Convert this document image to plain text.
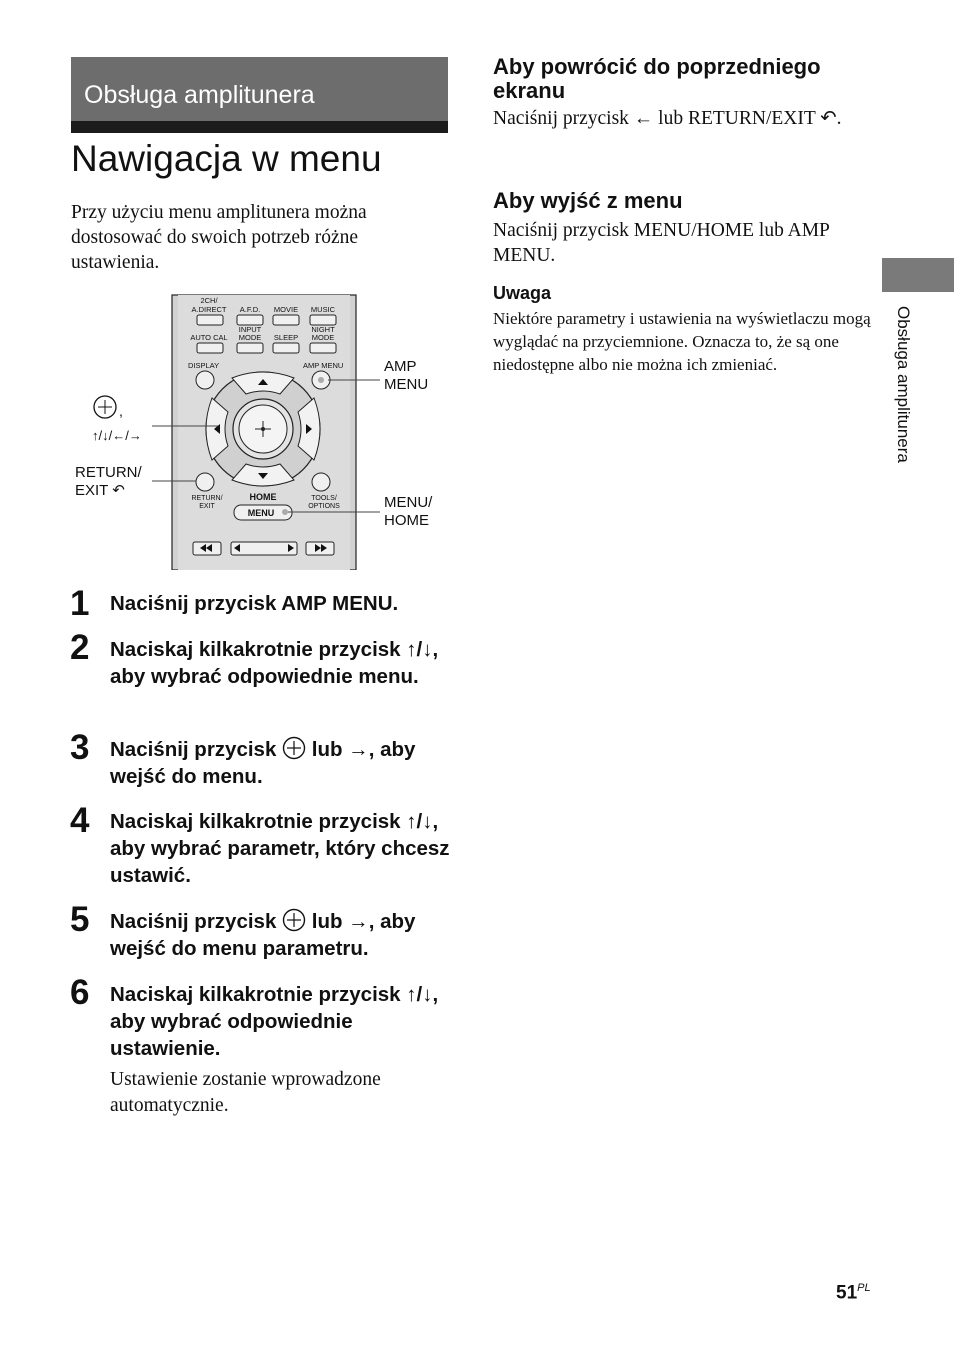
Obsługa amplitunera
Nawigacja w menu

Przy użyciu menu amplitunera można dostosować do swoich potrzeb różne ustawienia.

2CH/
A.DIRECT A.F.D. MOVIE MUSIC
AUTO CAL
INPUT
MODE SLEEP
NIGHT
MODE
DISPLAY	AMP MENU
RETURN/
EXIT
TOOLS/
OPTIONS
HOME
MENU
AMP
MENU
,
↑/↓/←/→
RETURN/
EXIT ↶
MENU/
HOME
1 Naciśnij przycisk AMP MENU.

2 Naciskaj kilkakrotnie przycisk ↑/↓, aby wybrać odpowiednie menu.

3 Naciśnij przycisk  lub →, aby wejść do menu.

4 Naciskaj kilkakrotnie przycisk ↑/↓, aby wybrać parametr, który chcesz ustawić.

5 Naciśnij przycisk  lub →, aby wejść do menu parametru.

6 Naciskaj kilkakrotnie przycisk ↑/↓, aby wybrać odpowiednie ustawienie.

Ustawienie zostanie wprowadzone automatycznie.

Aby powrócić do poprzedniego ekranu

Naciśnij przycisk ← lub RETURN/EXIT ↶.

Aby wyjść z menu

Naciśnij przycisk MENU/HOME lub AMP MENU.

Uwaga

Niektóre parametry i ustawienia na wyświetlaczu mogą wyglądać na przyciemnione. Oznacza to, że są one niedostępne albo nie można ich zmieniać.	Obsługa amplitunera
$51^{PL}$
